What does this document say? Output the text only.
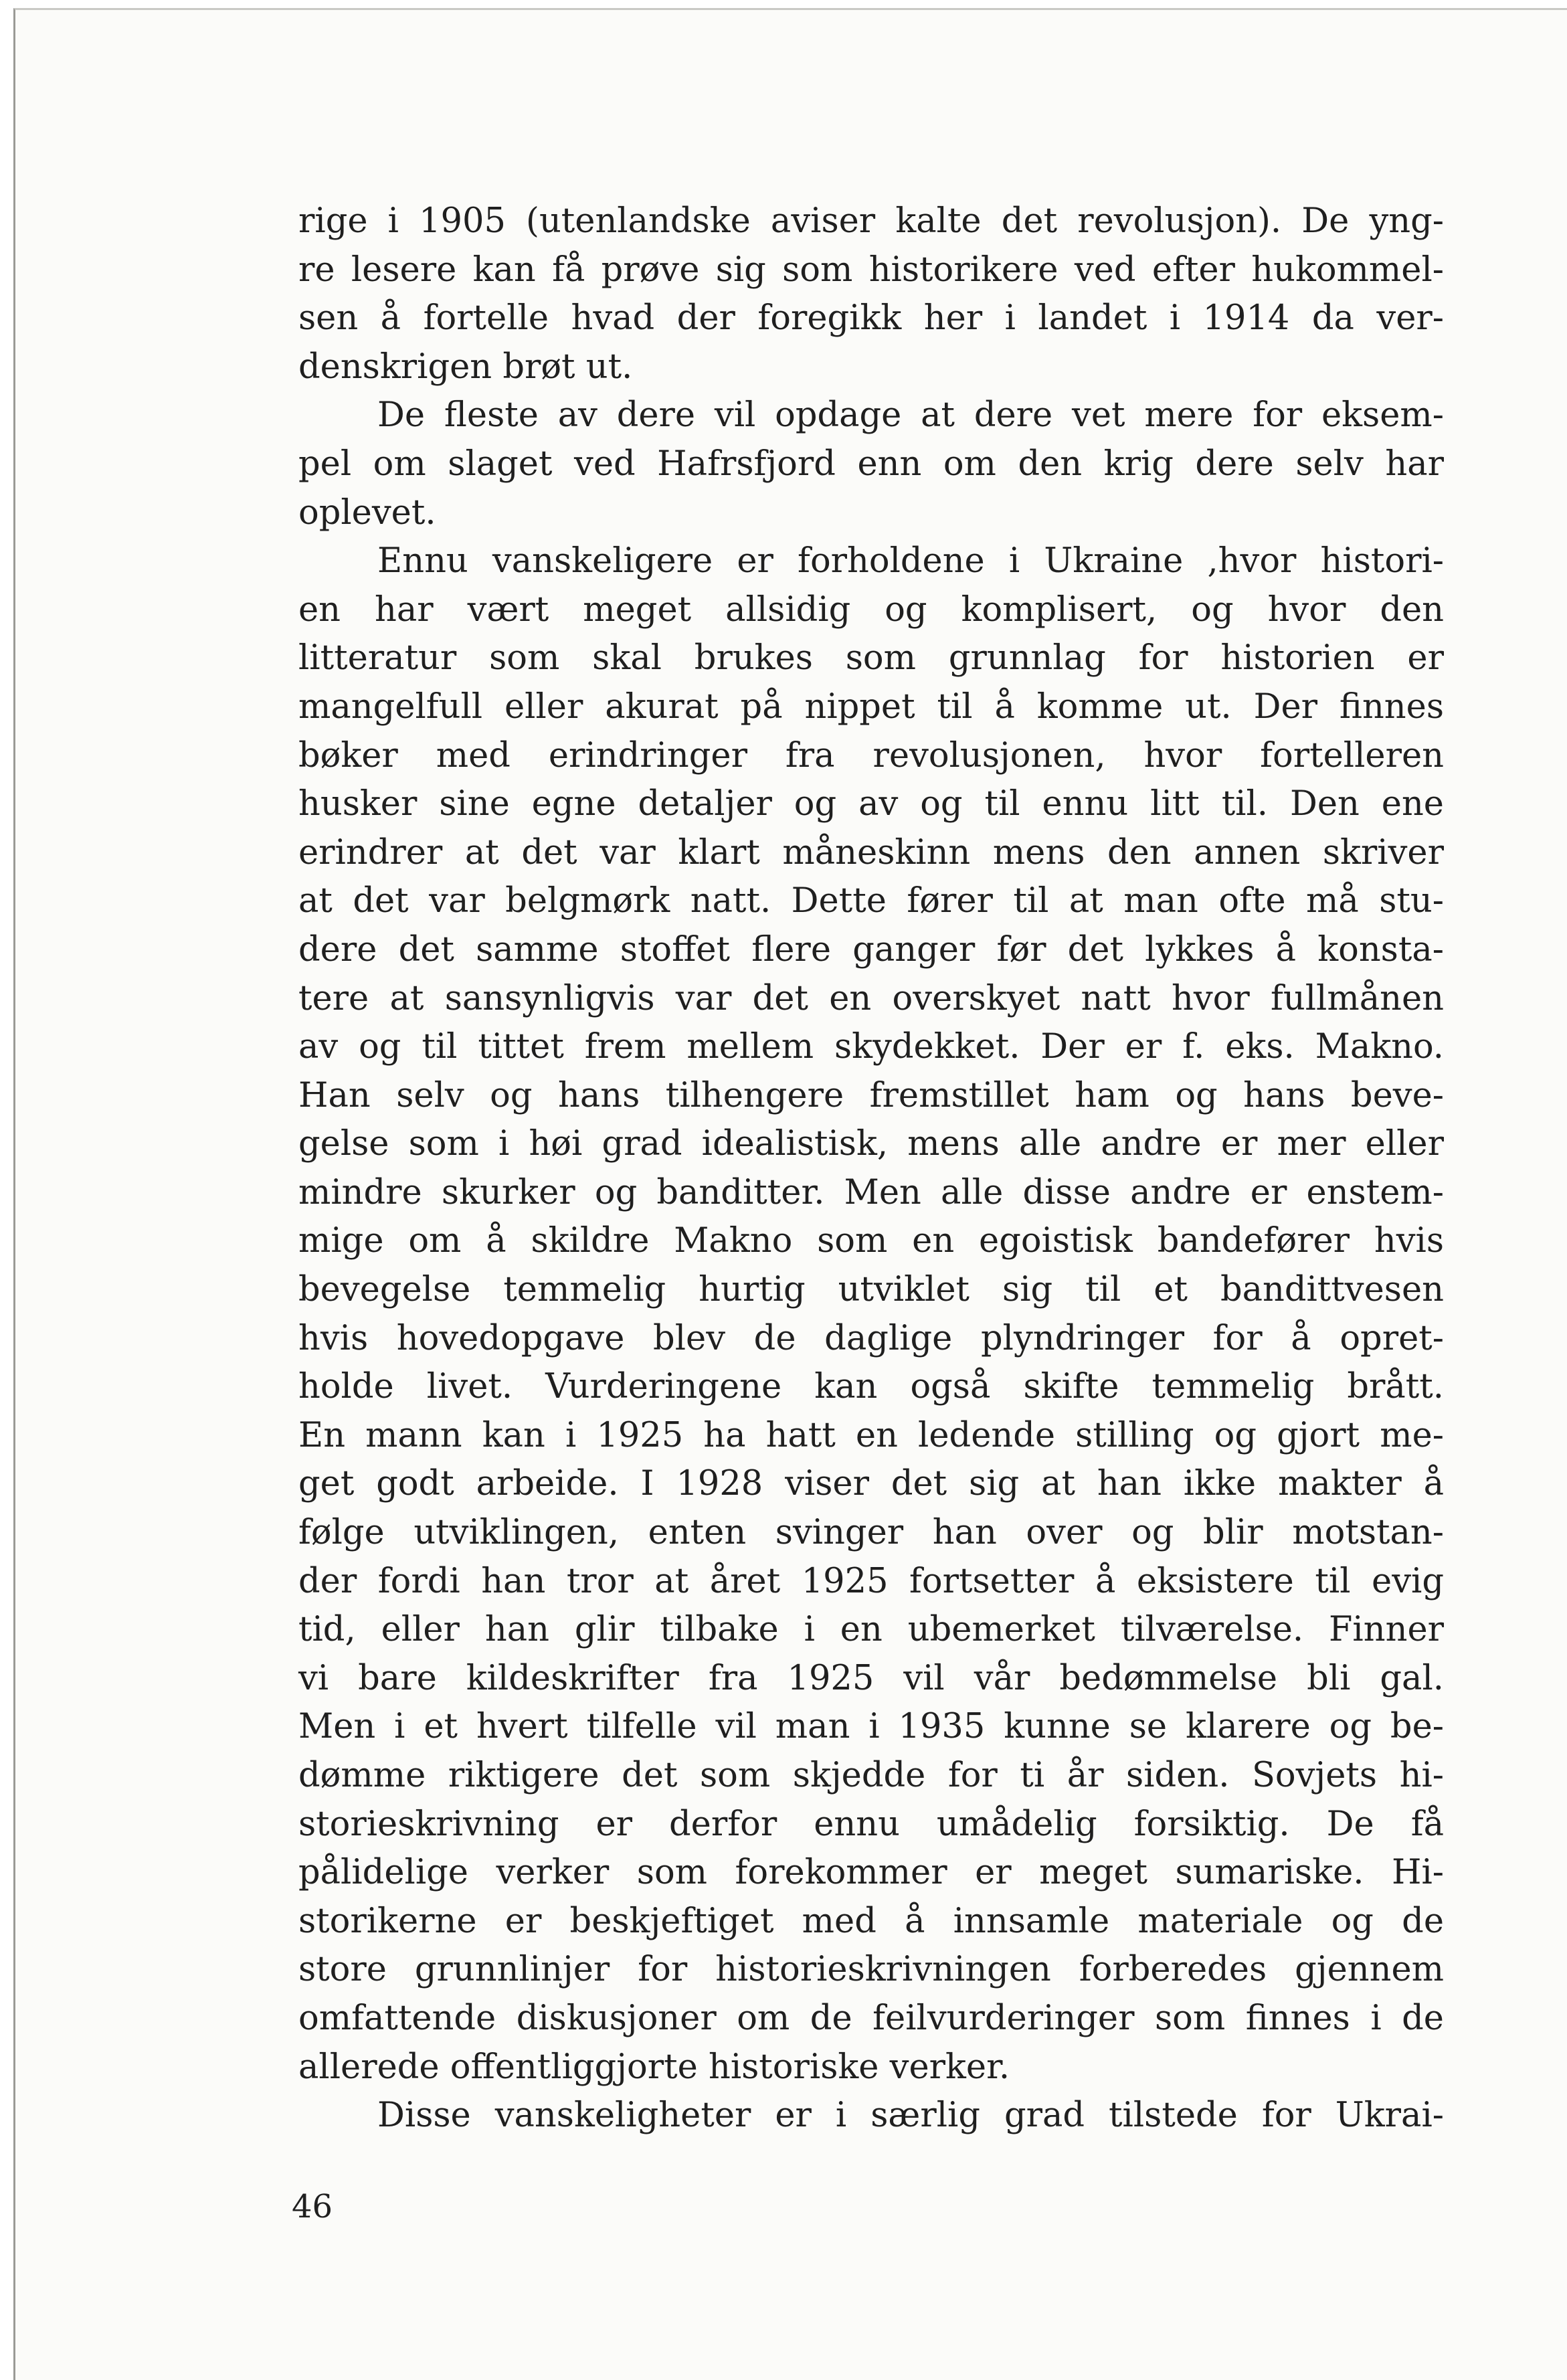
rige i 1905 (utenlandske aviser kalte det revolusjon). De yng-
re lesere kan få prøve sig som historikere ved efter hukommel-
sen å fortelle hvad der foregikk her i landet i 1914 da ver-
denskrigen brøt ut.
De fleste av dere vil opdage at dere vet mere for eksem-
pel om slaget ved Hafrsfjord enn om den krig dere selv har
oplevet.
Ennu vanskeligere er forholdene i Ukraine ,hvor histori-
en har vært meget allsidig og komplisert, og hvor den
litteratur som skal brukes som grunnlag for historien er
mangelfull eller akurat på nippet til å komme ut. Der finnes
bøker med erindringer fra revolusjonen, hvor fortelleren
husker sine egne detaljer og av og til ennu litt til. Den ene
erindrer at det var klart måneskinn mens den annen skriver
at det var belgmørk natt. Dette fører til at man ofte må stu-
dere det samme stoffet flere ganger før det lykkes å konsta-
tere at sansynligvis var det en overskyet natt hvor fullmånen
av og til tittet frem mellem skydekket. Der er f. eks. Makno.
Han selv og hans tilhengere fremstillet ham og hans beve-
gelse som i høi grad idealistisk, mens alle andre er mer eller
mindre skurker og banditter. Men alle disse andre er enstem-
mige om å skildre Makno som en egoistisk bandefører hvis
bevegelse temmelig hurtig utviklet sig til et bandittvesen
hvis hovedopgave blev de daglige plyndringer for å opret-
holde livet. Vurderingene kan også skifte temmelig brått.
En mann kan i 1925 ha hatt en ledende stilling og gjort me-
get godt arbeide. I 1928 viser det sig at han ikke makter å
følge utviklingen, enten svinger han over og blir motstan-
der fordi han tror at året 1925 fortsetter å eksistere til evig
tid, eller han glir tilbake i en ubemerket tilværelse. Finner
vi bare kildeskrifter fra 1925 vil vår bedømmelse bli gal.
Men i et hvert tilfelle vil man i 1935 kunne se klarere og be-
dømme riktigere det som skjedde for ti år siden. Sovjets hi-
storieskrivning er derfor ennu umådelig forsiktig. De få
pålidelige verker som forekommer er meget sumariske. Hi-
storikerne er beskjeftiget med å innsamle materiale og de
store grunnlinjer for historieskrivningen forberedes gjennem
omfattende diskusjoner om de feilvurderinger som finnes i de
allerede offentliggjorte historiske verker.
Disse vanskeligheter er i særlig grad tilstede for Ukrai-
46
